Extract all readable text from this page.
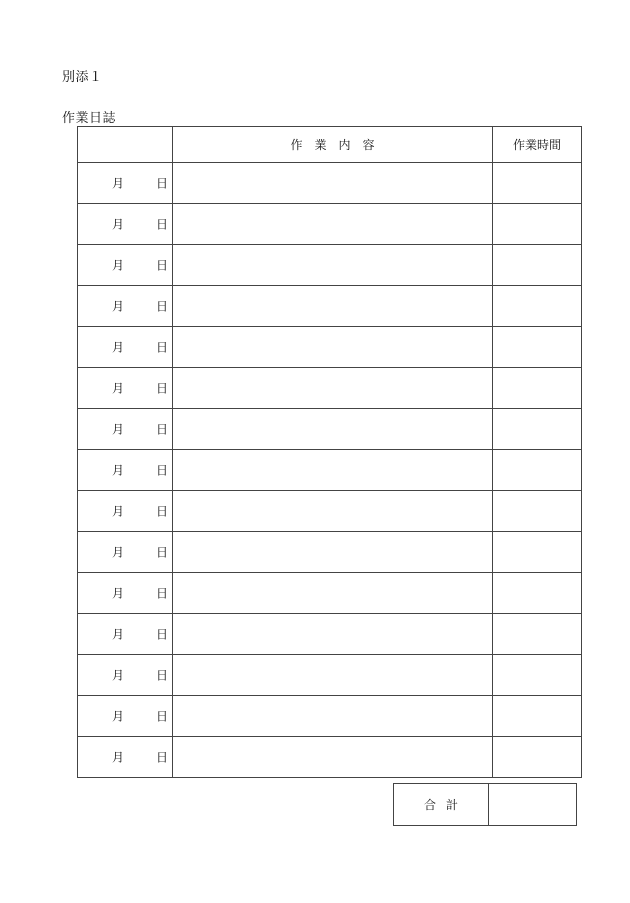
別添１
作業日誌
	作業内容	作業時間

月 日		

月 日		

月 日		

月 日		

月 日		

月 日		

月 日		

月 日		

月 日		

月 日		

月 日		

月 日		

月 日		

月 日		

月 日		

合計	
